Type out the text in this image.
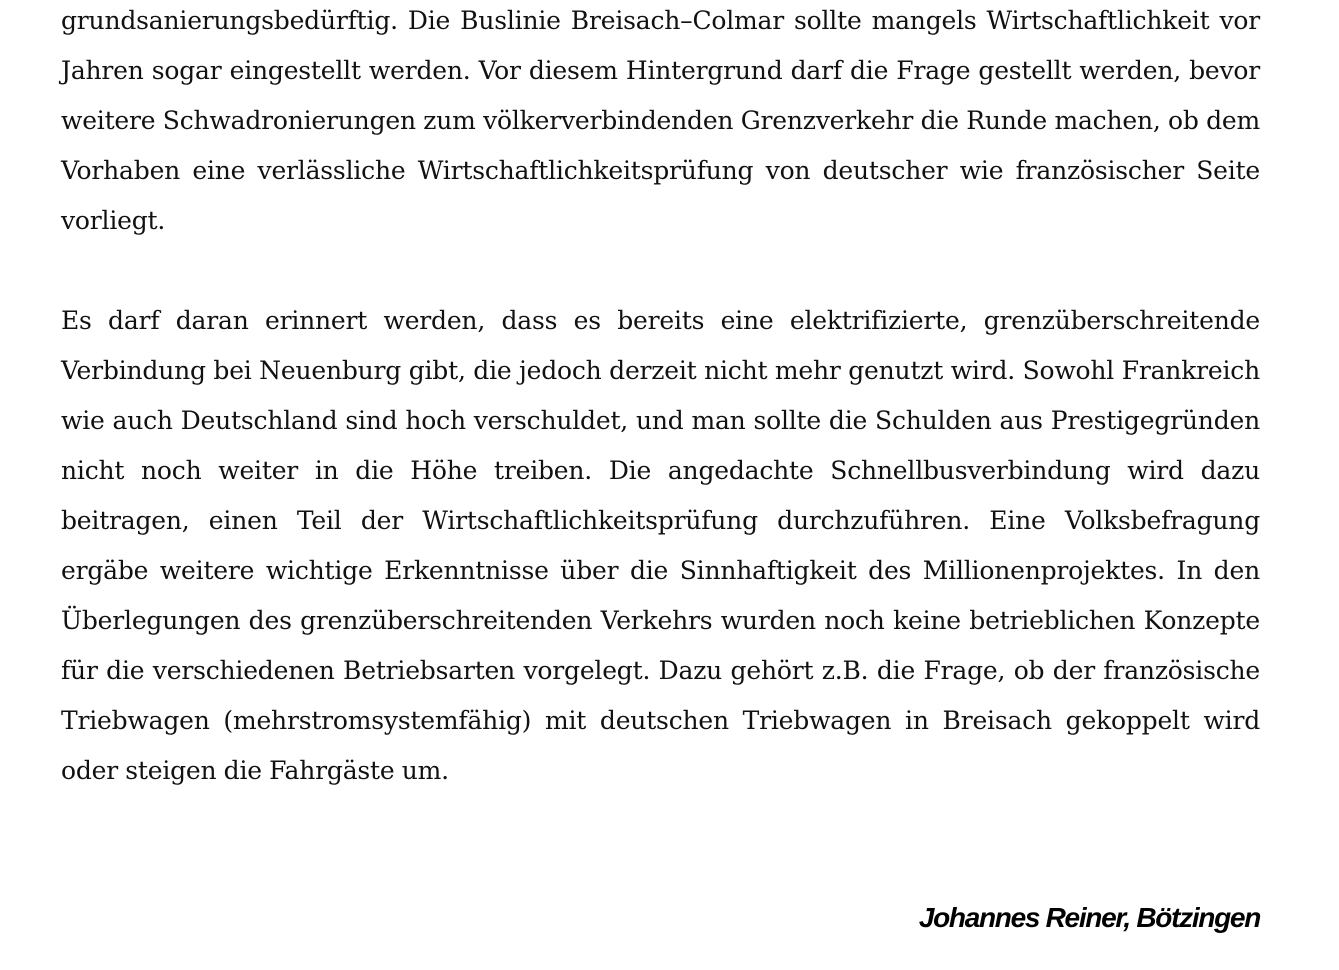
grundsanierungsbedürftig. Die Buslinie Breisach–Colmar sollte mangels Wirtschaftlichkeit vor Jahren sogar eingestellt werden. Vor diesem Hintergrund darf die Frage gestellt werden, bevor weitere Schwadronierungen zum völkerverbindenden Grenzverkehr die Runde machen, ob dem Vorhaben eine verlässliche Wirtschaftlichkeitsprüfung von deutscher wie französischer Seite vorliegt.

Es darf daran erinnert werden, dass es bereits eine elektrifizierte, grenzüberschreitende Verbindung bei Neuenburg gibt, die jedoch derzeit nicht mehr genutzt wird. Sowohl Frankreich wie auch Deutschland sind hoch verschuldet, und man sollte die Schulden aus Prestigegründen nicht noch weiter in die Höhe treiben. Die angedachte Schnellbusverbindung wird dazu beitragen, einen Teil der Wirtschaftlichkeitsprüfung durchzuführen. Eine Volksbefragung ergäbe weitere wichtige Erkenntnisse über die Sinnhaftigkeit des Millionenprojektes. In den Überlegungen des grenzüberschreitenden Verkehrs wurden noch keine betrieblichen Konzepte für die verschiedenen Betriebsarten vorgelegt. Dazu gehört z.B. die Frage, ob der französische Triebwagen (mehrstromsystemfähig) mit deutschen Triebwagen in Breisach gekoppelt wird oder steigen die Fahrgäste um.

Johannes Reiner, Bötzingen
